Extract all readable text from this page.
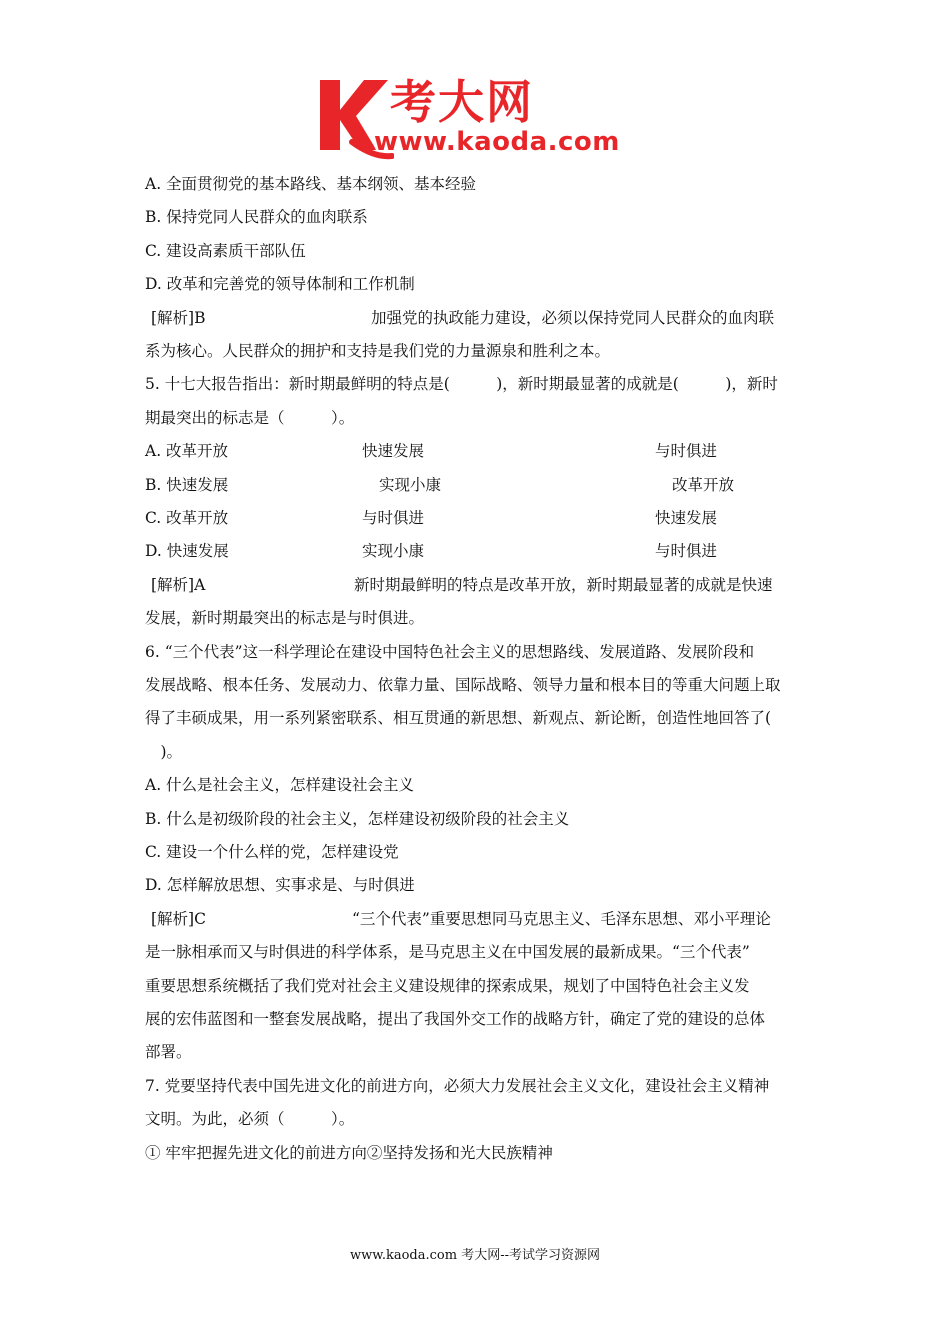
考大网
www.kaoda.com
A. 全面贯彻党的基本路线、基本纲领、基本经验
B. 保持党同人民群众的血肉联系
C. 建设高素质干部队伍
D. 改革和完善党的领导体制和工作机制
[解析]B	加强党的执政能力建设，必须以保持党同人民群众的血肉联
系为核心。人民群众的拥护和支持是我们党的力量源泉和胜利之本。
5. 十七大报告指出：新时期最鲜明的特点是(　　　)，新时期最显著的成就是(　　　)，新时
期最突出的标志是（　　　）。
A. 改革开放	快速发展	与时俱进
B. 快速发展	实现小康	改革开放
C. 改革开放	与时俱进	快速发展
D. 快速发展	实现小康	与时俱进
[解析]A	新时期最鲜明的特点是改革开放，新时期最显著的成就是快速
发展，新时期最突出的标志是与时俱进。
6. “三个代表”这一科学理论在建设中国特色社会主义的思想路线、发展道路、发展阶段和
发展战略、根本任务、发展动力、依靠力量、国际战略、领导力量和根本目的等重大问题上取
得了丰硕成果，用一系列紧密联系、相互贯通的新思想、新观点、新论断，创造性地回答了(
　)。
A. 什么是社会主义，怎样建设社会主义
B. 什么是初级阶段的社会主义，怎样建设初级阶段的社会主义
C. 建设一个什么样的党，怎样建设党
D. 怎样解放思想、实事求是、与时俱进
[解析]C	“三个代表”重要思想同马克思主义、毛泽东思想、邓小平理论
是一脉相承而又与时俱进的科学体系，是马克思主义在中国发展的最新成果。“三个代表”
重要思想系统概括了我们党对社会主义建设规律的探索成果，规划了中国特色社会主义发
展的宏伟蓝图和一整套发展战略，提出了我国外交工作的战略方针，确定了党的建设的总体
部署。
7. 党要坚持代表中国先进文化的前进方向，必须大力发展社会主义文化，建设社会主义精神
文明。为此，必须（　　　）。
① 牢牢把握先进文化的前进方向②坚持发扬和光大民族精神
www.kaoda.com 考大网--考试学习资源网
